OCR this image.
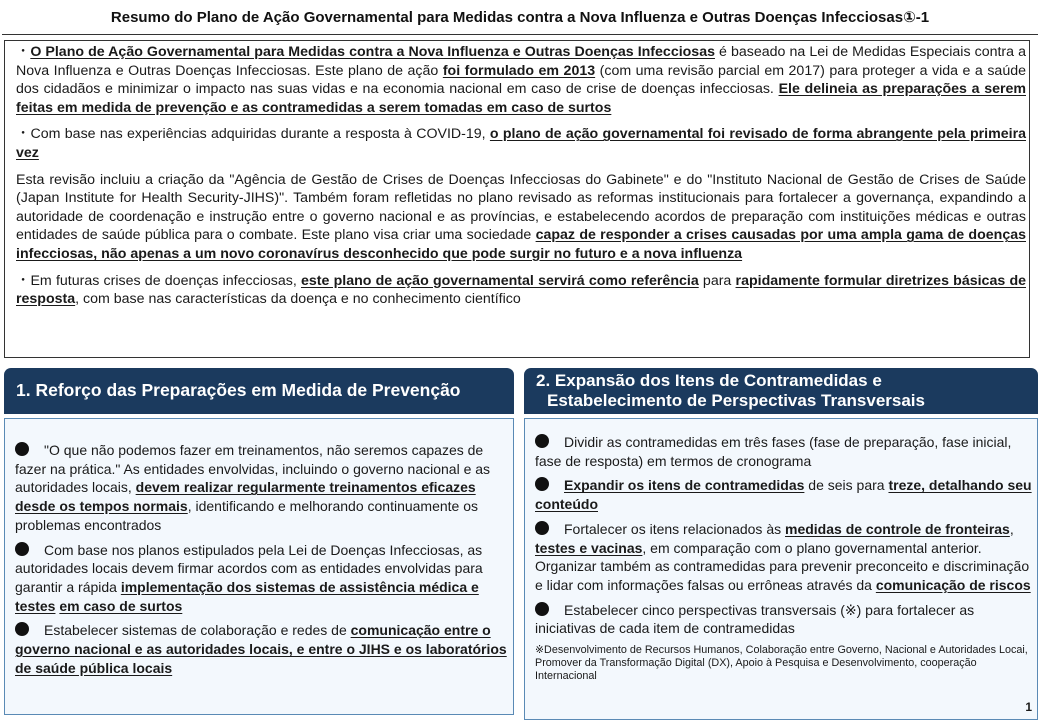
Resumo do Plano de Ação Governamental para Medidas contra a Nova Influenza e Outras Doenças Infecciosas①-1

・O Plano de Ação Governamental para Medidas contra a Nova Influenza e Outras Doenças Infecciosas é baseado na Lei de Medidas Especiais contra a Nova Influenza e Outras Doenças Infecciosas. Este plano de ação foi formulado em 2013 (com uma revisão parcial em 2017) para proteger a vida e a saúde dos cidadãos e minimizar o impacto nas suas vidas e na economia nacional em caso de crise de doenças infecciosas. Ele delineia as preparações a serem feitas em medida de prevenção e as contramedidas a serem tomadas em caso de surtos

・Com base nas experiências adquiridas durante a resposta à COVID-19, o plano de ação governamental foi revisado de forma abrangente pela primeira vez

Esta revisão incluiu a criação da "Agência de Gestão de Crises de Doenças Infecciosas do Gabinete" e do "Instituto Nacional de Gestão de Crises de Saúde (Japan Institute for Health Security-JIHS)". Também foram refletidas no plano revisado as reformas institucionais para fortalecer a governança, expandindo a autoridade de coordenação e instrução entre o governo nacional e as províncias, e estabelecendo acordos de preparação com instituições médicas e outras entidades de saúde pública para o combate. Este plano visa criar uma sociedade capaz de responder a crises causadas por uma ampla gama de doenças infecciosas, não apenas a um novo coronavírus desconhecido que pode surgir no futuro e a nova influenza

・Em futuras crises de doenças infecciosas, este plano de ação governamental servirá como referência para rapidamente formular diretrizes básicas de resposta, com base nas características da doença e no conhecimento científico

1. Reforço das Preparações em Medida de Prevenção	2. Expansão dos Itens de Contramedidas e
Estabelecimento de Perspectivas Transversais
"O que não podemos fazer em treinamentos, não seremos capazes de fazer na prática." As entidades envolvidas, incluindo o governo nacional e as autoridades locais, devem realizar regularmente treinamentos eficazes desde os tempos normais, identificando e melhorando continuamente os problemas encontrados
Com base nos planos estipulados pela Lei de Doenças Infecciosas, as autoridades locais devem firmar acordos com as entidades envolvidas para garantir a rápida implementação dos sistemas de assistência médica e testes em caso de surtos
Estabelecer sistemas de colaboração e redes de comunicação entre o governo nacional e as autoridades locais, e entre o JIHS e os laboratórios de saúde pública locais
Dividir as contramedidas em três fases (fase de preparação, fase inicial, fase de resposta) em termos de cronograma
Expandir os itens de contramedidas de seis para treze, detalhando seu conteúdo
Fortalecer os itens relacionados às medidas de controle de fronteiras, testes e vacinas, em comparação com o plano governamental anterior. Organizar também as contramedidas para prevenir preconceito e discriminação e lidar com informações falsas ou errôneas através da comunicação de riscos
Estabelecer cinco perspectivas transversais (※) para fortalecer as iniciativas de cada item de contramedidas
※Desenvolvimento de Recursos Humanos, Colaboração entre Governo, Nacional e Autoridades Locai, Promover da Transformação Digital (DX), Apoio à Pesquisa e Desenvolvimento, cooperação Internacional
1
